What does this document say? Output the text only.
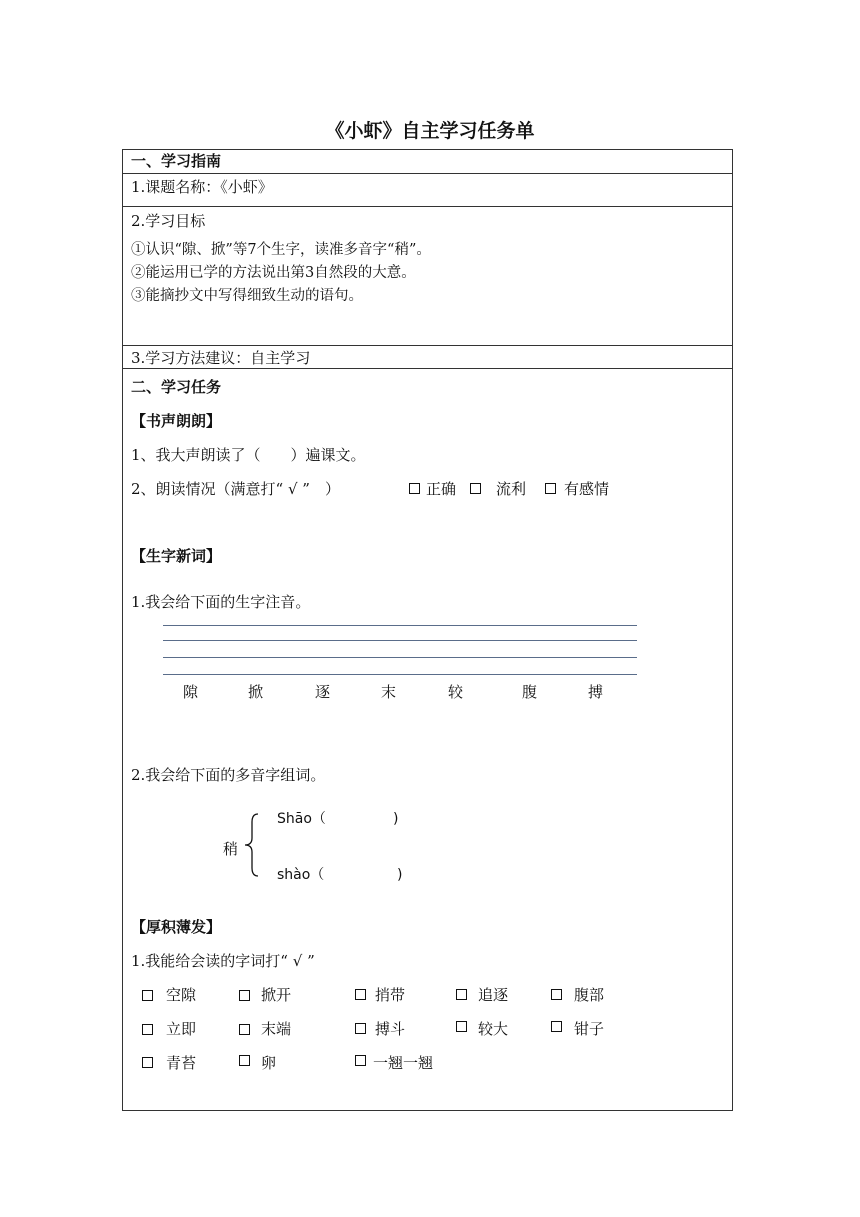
《小虾》自主学习任务单
一、学习指南
1.课题名称：《小虾》
2.学习目标
①认识“隙、掀”等7个生字，读准多音字“稍”。
②能运用已学的方法说出第3自然段的大意。
③能摘抄文中写得细致生动的语句。
3.学习方法建议：自主学习
二、学习任务
【书声朗朗】
1、我大声朗读了（　　）遍课文。
2、朗读情况（满意打“ √ ”　）	正确	流利	有感情
【生字新词】
1.我会给下面的生字注音。
隙	掀	逐	末	较	腹	搏
2.我会给下面的多音字组词。
稍
Shāo（	)
shào（	)
【厚积薄发】
1.我能给会读的字词打“ √ ”
空隙	掀开	捎带	追逐	腹部
立即	末端	搏斗	较大	钳子
青苔	卵	一翘一翘
